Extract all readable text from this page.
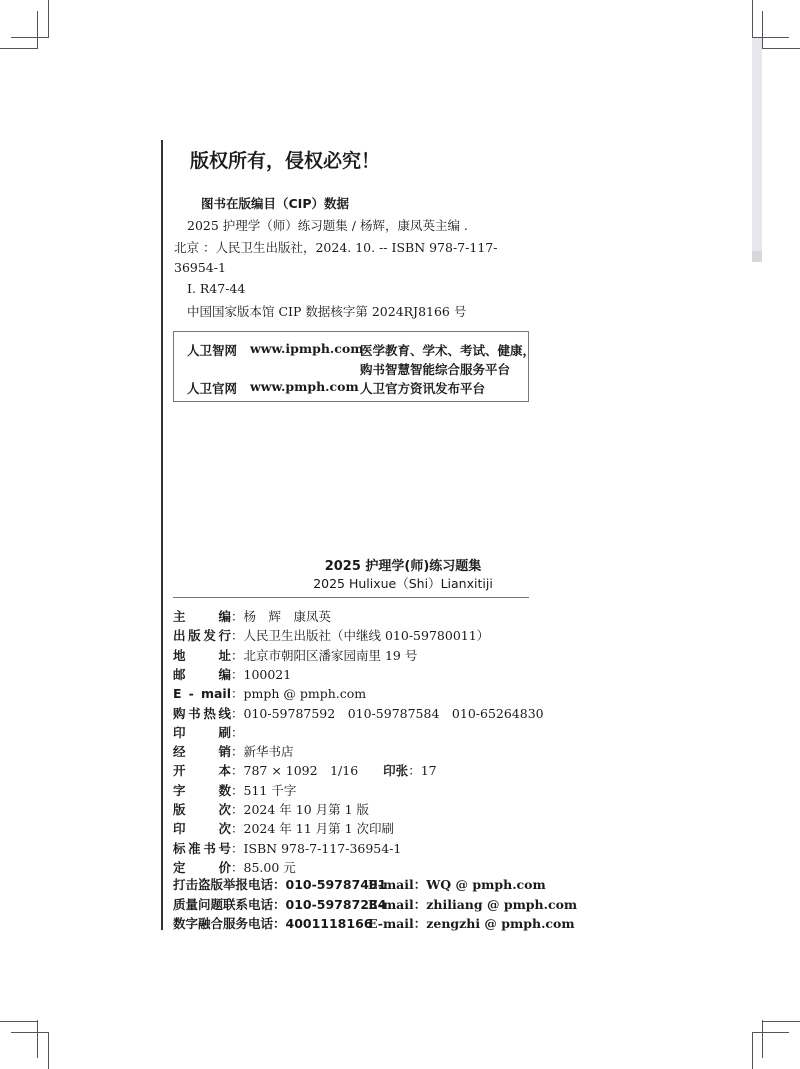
版权所有，侵权必究！
图书在版编目（CIP）数据
2025 护理学（师）练习题集 / 杨辉，康凤英主编 .
北京 ：人民卫生出版社，2024. 10. -- ISBN 978-7-117-
36954-1
Ⅰ. R47-44
中国国家版本馆 CIP 数据核字第 2024RJ8166 号
人卫智网 www.ipmph.com
医学教育、学术、考试、健康，
购书智慧智能综合服务平台
人卫官网 www.pmph.com 人卫官方资讯发布平台
2025 护理学(师)练习题集
2025 Hulixue（Shi）Lianxitiji
主编：杨　辉　康凤英
出版发行：人民卫生出版社（中继线 010-59780011）
地址：北京市朝阳区潘家园南里 19 号
邮编：100021
E - mail：pmph @ pmph.com
购书热线：010-59787592　010-59787584　010-65264830
印刷：
经销：新华书店
开本：787 × 1092　1/16　　印张：17
字数：511 千字
版次：2024 年 10 月第 1 版
印次：2024 年 11 月第 1 次印刷
标准书号：ISBN 978-7-117-36954-1
定价：85.00 元
打击盗版举报电话：010-59787491E-mail：WQ @ pmph.com
质量问题联系电话：010-59787234E-mail：zhiliang @ pmph.com
数字融合服务电话：4001118166E-mail：zengzhi @ pmph.com
